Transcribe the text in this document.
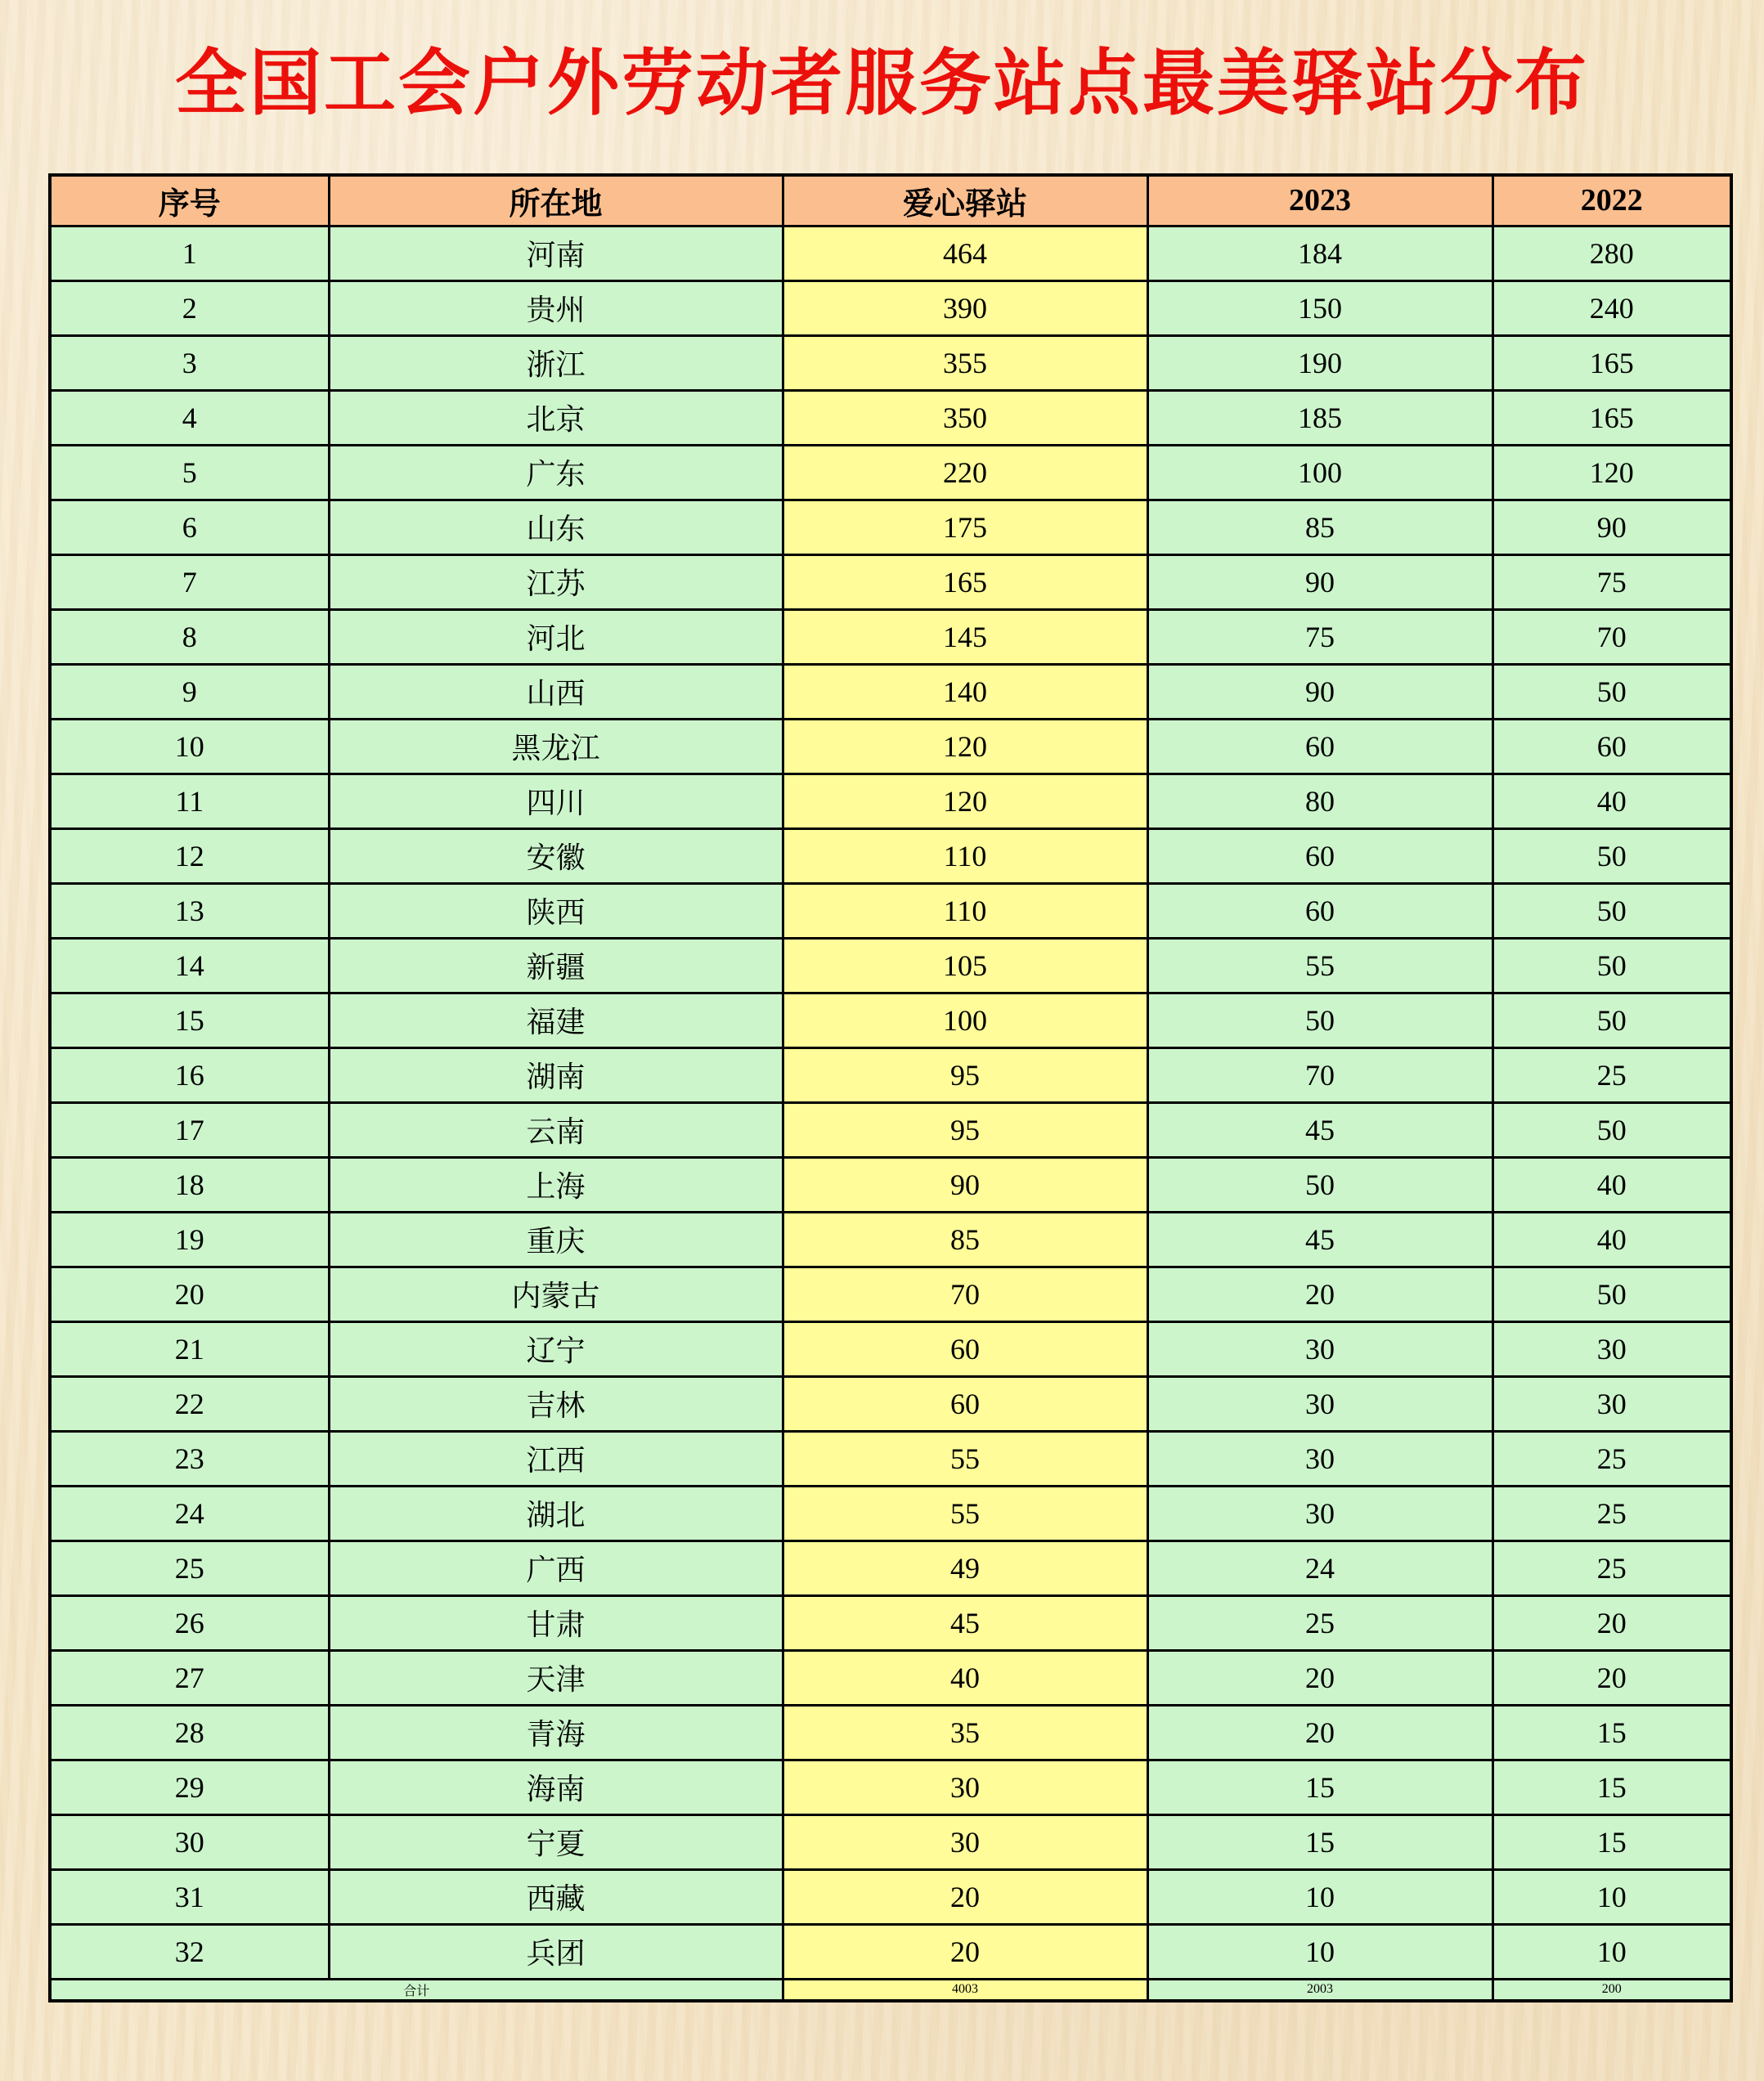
全国工会户外劳动者服务站点最美驿站分布
序号	所在地	爱心驿站	2023	2022
1	河南	464	184	280
2	贵州	390	150	240
3	浙江	355	190	165
4	北京	350	185	165
5	广东	220	100	120
6	山东	175	85	90
7	江苏	165	90	75
8	河北	145	75	70
9	山西	140	90	50
10	黑龙江	120	60	60
11	四川	120	80	40
12	安徽	110	60	50
13	陕西	110	60	50
14	新疆	105	55	50
15	福建	100	50	50
16	湖南	95	70	25
17	云南	95	45	50
18	上海	90	50	40
19	重庆	85	45	40
20	内蒙古	70	20	50
21	辽宁	60	30	30
22	吉林	60	30	30
23	江西	55	30	25
24	湖北	55	30	25
25	广西	49	24	25
26	甘肃	45	25	20
27	天津	40	20	20
28	青海	35	20	15
29	海南	30	15	15
30	宁夏	30	15	15
31	西藏	20	10	10
32	兵团	20	10	10
合计		4003	2003	200
